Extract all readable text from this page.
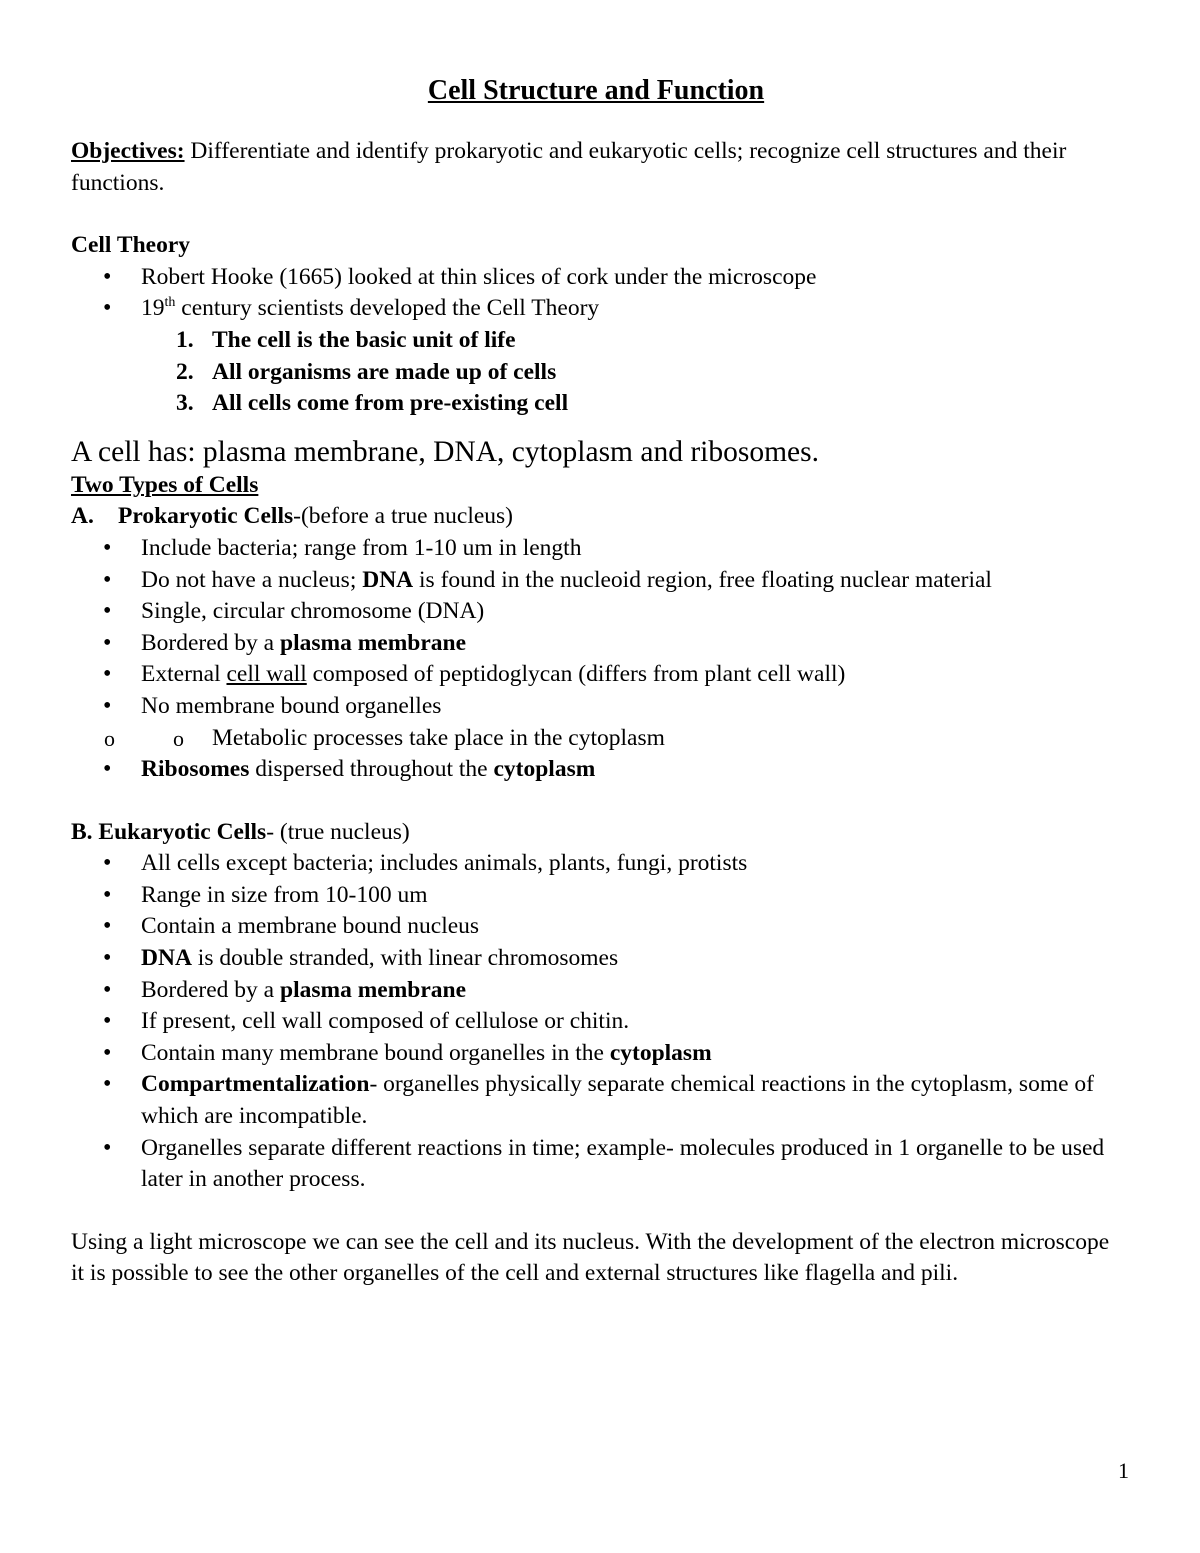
Cell Structure and Function

Objectives: Differentiate and identify prokaryotic and eukaryotic cells; recognize cell structures and their functions.

Cell Theory

• Robert Hooke (1665) looked at thin slices of cork under the microscope
• 19th century scientists developed the Cell Theory
1. The cell is the basic unit of life
2. All organisms are made up of cells
3. All cells come from pre-existing cell

A cell has: plasma membrane, DNA, cytoplasm and ribosomes.

Two Types of Cells

A. Prokaryotic Cells-(before a true nucleus)

• Include bacteria; range from 1-10 um in length
• Do not have a nucleus; DNA is found in the nucleoid region, free floating nuclear material
• Single, circular chromosome (DNA)
• Bordered by a plasma membrane
• External cell wall composed of peptidoglycan (differs from plant cell wall)
• No membrane bound organelles
o o Metabolic processes take place in the cytoplasm
• Ribosomes dispersed throughout the cytoplasm

B. Eukaryotic Cells- (true nucleus)

• All cells except bacteria; includes animals, plants, fungi, protists
• Range in size from 10-100 um
• Contain a membrane bound nucleus
• DNA is double stranded, with linear chromosomes
• Bordered by a plasma membrane
• If present, cell wall composed of cellulose or chitin.
• Contain many membrane bound organelles in the cytoplasm
• Compartmentalization- organelles physically separate chemical reactions in the cytoplasm, some of which are incompatible.
• Organelles separate different reactions in time; example- molecules produced in 1 organelle to be used later in another process.

Using a light microscope we can see the cell and its nucleus. With the development of the electron microscope it is possible to see the other organelles of the cell and external structures like flagella and pili.

1
